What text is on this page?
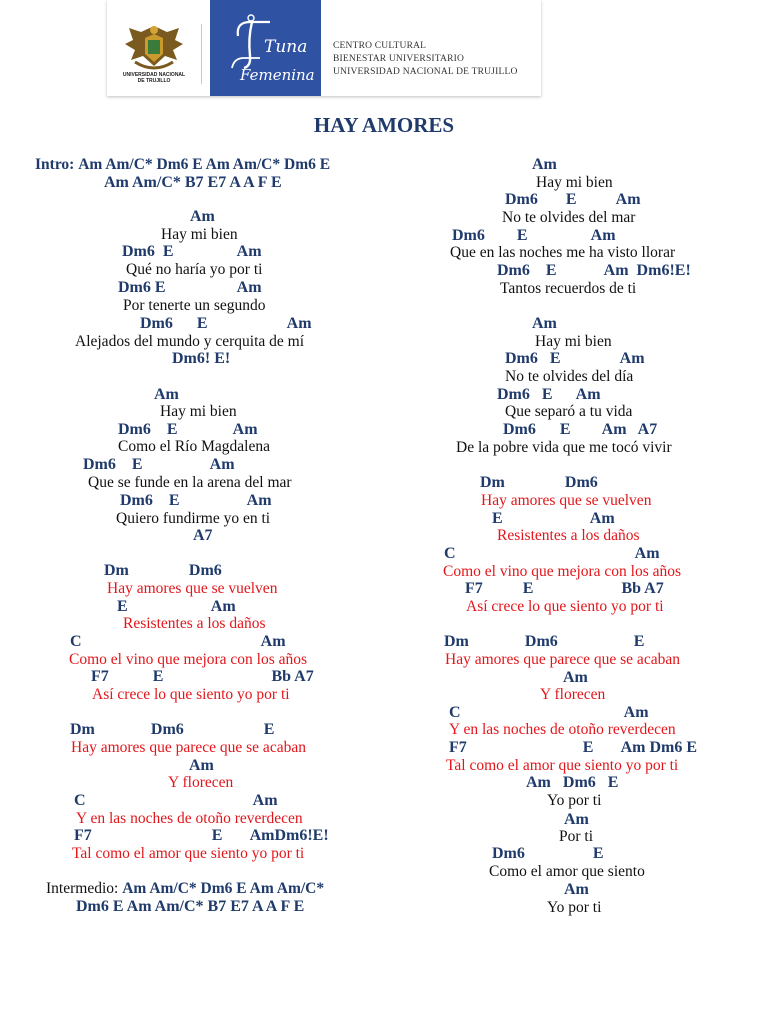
UNIVERSIDAD NACIONAL DE TRUJILLO
Tuna
Femenina
CENTRO CULTURAL
BIENESTAR UNIVERSITARIO
UNIVERSIDAD NACIONAL DE TRUJILLO
HAY AMORES
Intro: Am Am/C* Dm6 E Am Am/C* Dm6 E
Am Am/C* B7 E7 A A F E
Am
Hay mi bien
Dm6  E                Am
Qué no haría yo por ti
Dm6 E                  Am
Por tenerte un segundo
Dm6      E                    Am
Alejados del mundo y cerquita de mí
Dm6! E!
Am
Hay mi bien
Dm6    E              Am
Como el Río Magdalena
Dm6    E                 Am
Que se funde en la arena del mar
Dm6    E                 Am
Quiero fundirme yo en ti
A7
Dm               Dm6
Hay amores que se vuelven
E                     Am
Resistentes a los daños
C                                             Am
Como el vino que mejora con los años
F7           E                           Bb A7
Así crece lo que siento yo por ti
Dm              Dm6                    E
Hay amores que parece que se acaban
Am
Y florecen
C                                          Am
Y en las noches de otoño reverdecen
F7                              E       AmDm6!E!
Tal como el amor que siento yo por ti
Am
Hay mi bien
Dm6       E          Am
No te olvides del mar
Dm6        E                Am
Que en las noches me ha visto llorar
Dm6    E            Am  Dm6!E!
Tantos recuerdos de ti
Am
Hay mi bien
Dm6   E               Am
No te olvides del día
Dm6   E      Am
Que separó a tu vida
Dm6      E        Am   A7
De la pobre vida que me tocó vivir
Dm               Dm6
Hay amores que se vuelven
E                      Am
Resistentes a los daños
C                                             Am
Como el vino que mejora con los años
F7          E                      Bb A7
Así crece lo que siento yo por ti
Dm              Dm6                   E
Hay amores que parece que se acaban
Am
Y florecen
C                                         Am
Y en las noches de otoño reverdecen
F7                             E       Am Dm6 E
Tal como el amor que siento yo por ti
Am   Dm6   E
Yo por ti
Am
Por ti
Dm6                 E
Como el amor que siento
Am
Yo por ti
Intermedio: Am Am/C* Dm6 E Am Am/C*
Dm6 E Am Am/C* B7 E7 A A F E
